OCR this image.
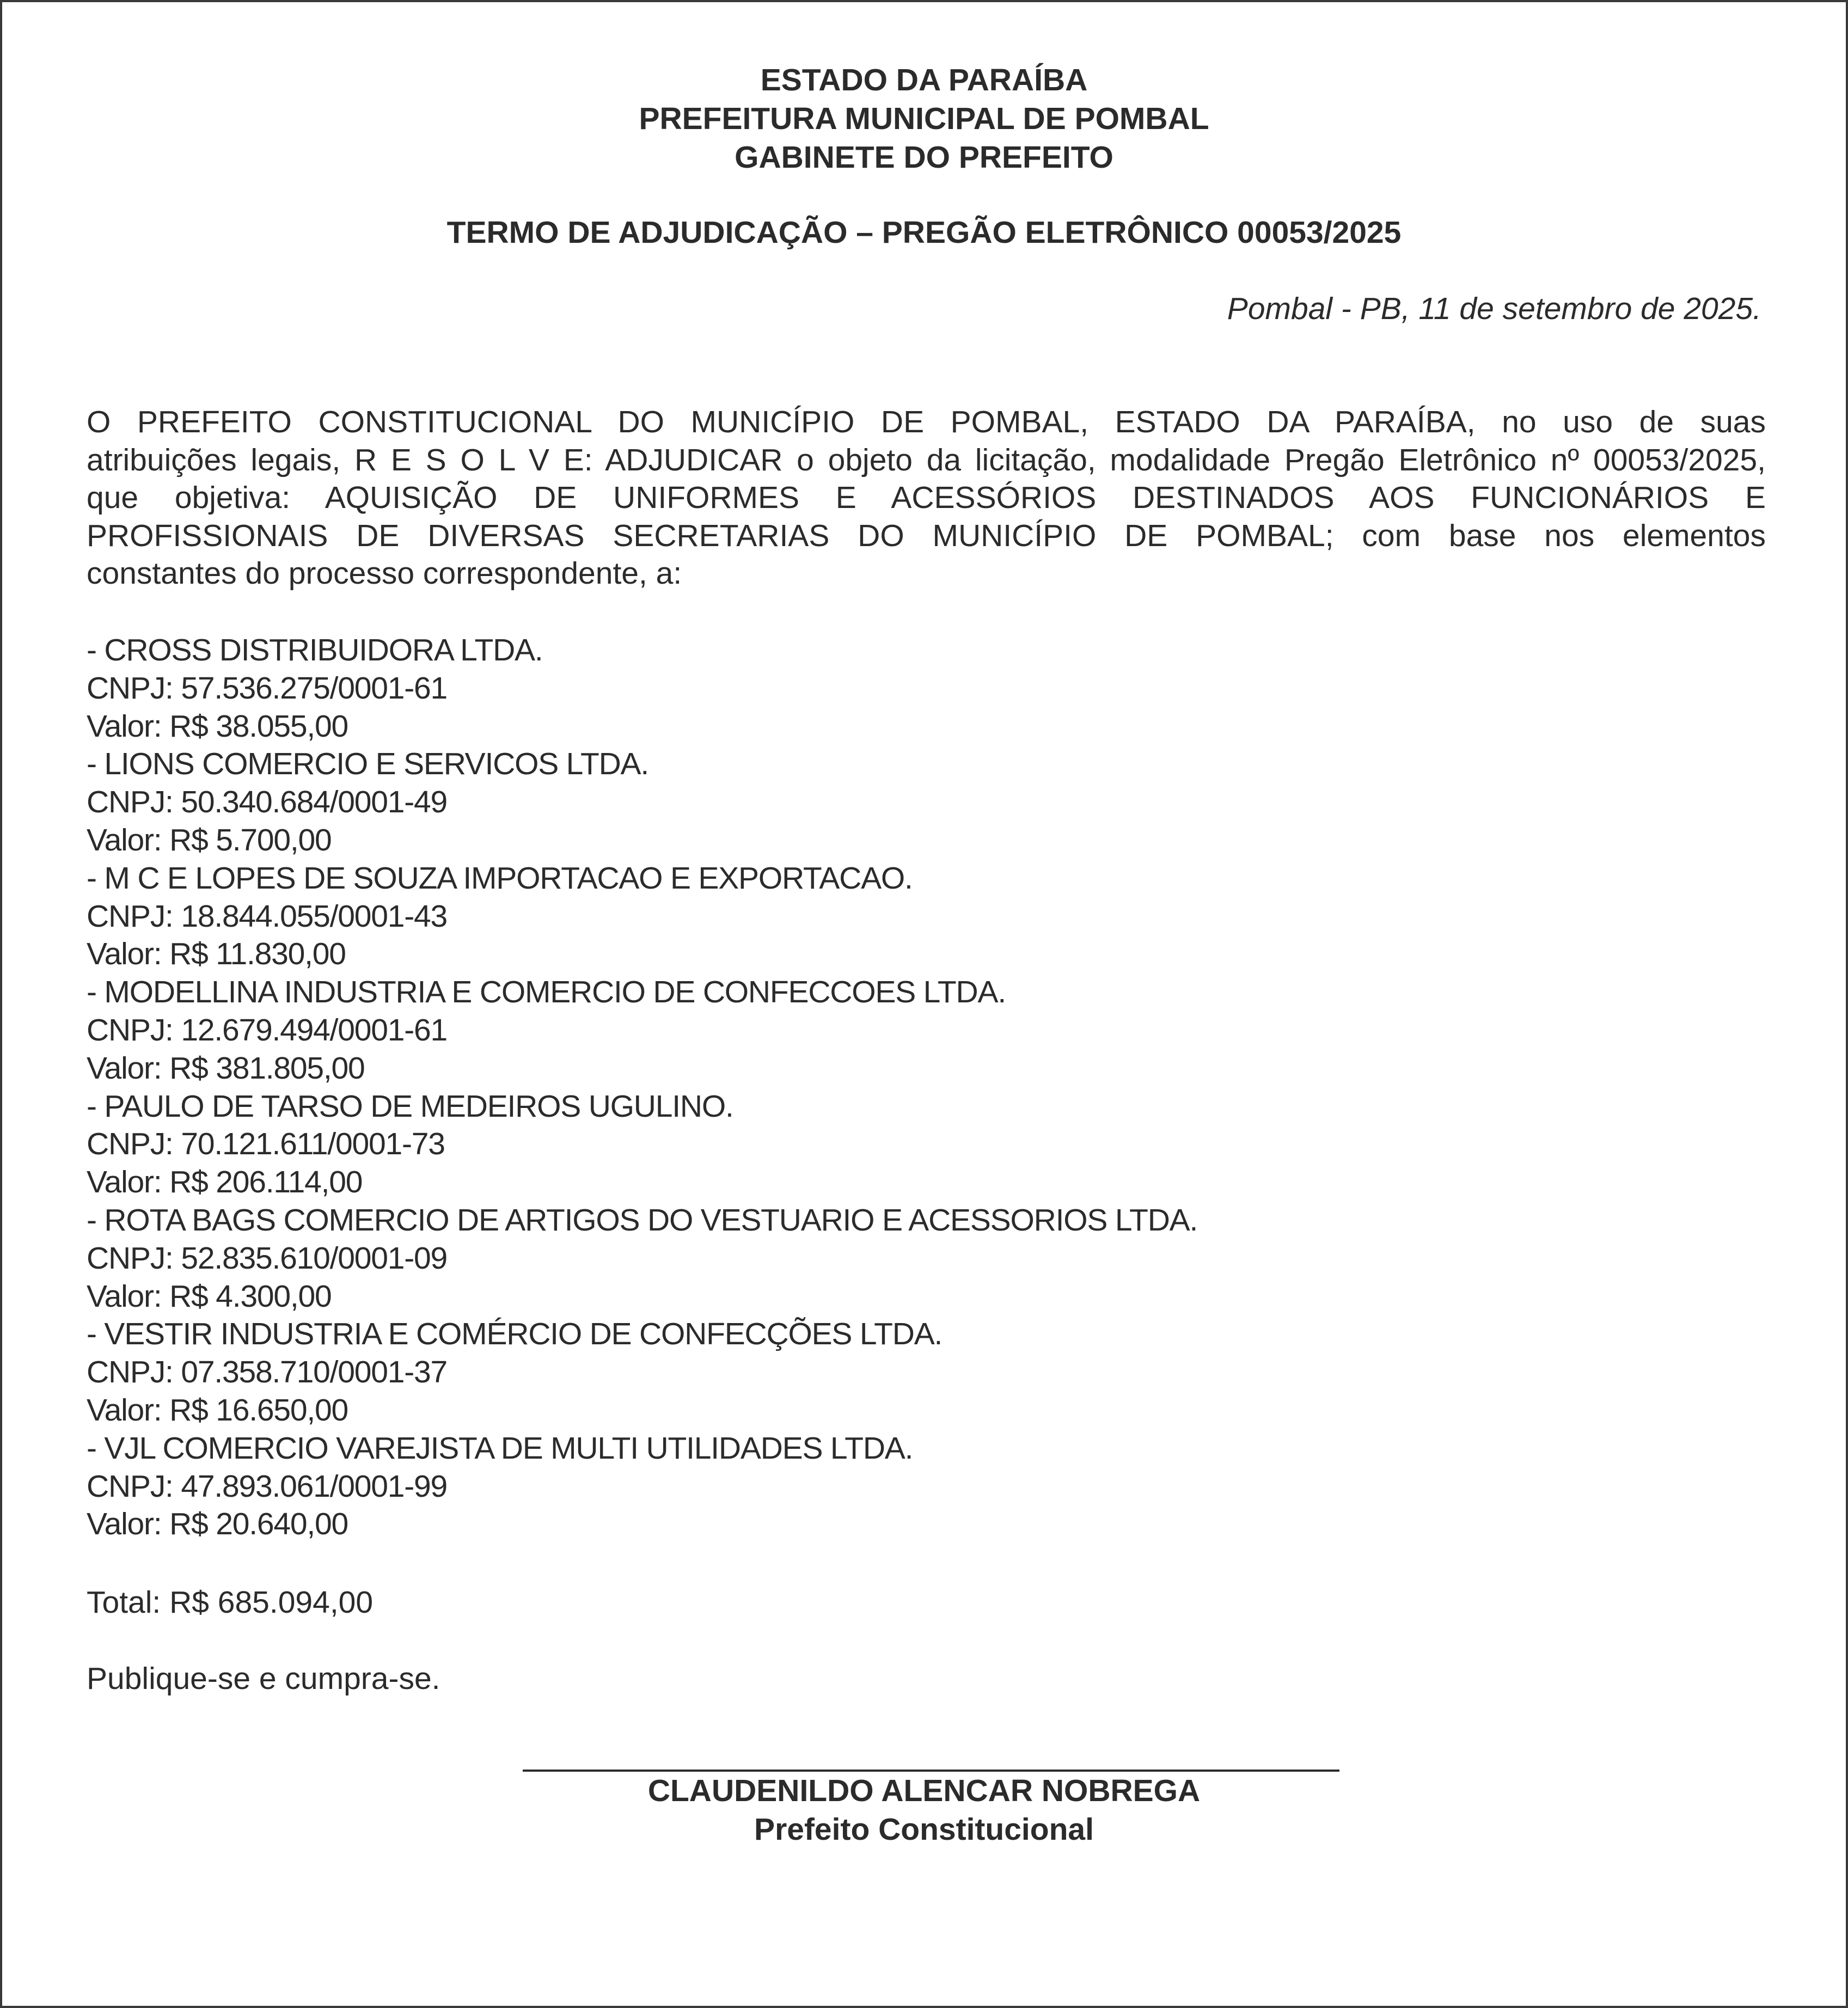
ESTADO DA PARAÍBA
PREFEITURA MUNICIPAL DE POMBAL
GABINETE DO PREFEITO
TERMO DE ADJUDICAÇÃO – PREGÃO ELETRÔNICO 00053/2025
Pombal - PB, 11 de setembro de 2025.
O PREFEITO CONSTITUCIONAL DO MUNICÍPIO DE POMBAL, ESTADO DA PARAÍBA, no uso de suas
atribuições legais, R E S O L V E: ADJUDICAR o objeto da licitação, modalidade Pregão Eletrônico nº 00053/2025,
que objetiva: AQUISIÇÃO DE UNIFORMES E ACESSÓRIOS DESTINADOS AOS FUNCIONÁRIOS E
PROFISSIONAIS DE DIVERSAS SECRETARIAS DO MUNICÍPIO DE POMBAL; com base nos elementos
constantes do processo correspondente, a:
- CROSS DISTRIBUIDORA LTDA.
CNPJ: 57.536.275/0001-61
Valor: R$ 38.055,00
- LIONS COMERCIO E SERVICOS LTDA.
CNPJ: 50.340.684/0001-49
Valor: R$ 5.700,00
- M C E LOPES DE SOUZA IMPORTACAO E EXPORTACAO.
CNPJ: 18.844.055/0001-43
Valor: R$ 11.830,00
- MODELLINA INDUSTRIA E COMERCIO DE CONFECCOES LTDA.
CNPJ: 12.679.494/0001-61
Valor: R$ 381.805,00
- PAULO DE TARSO DE MEDEIROS UGULINO.
CNPJ: 70.121.611/0001-73
Valor: R$ 206.114,00
- ROTA BAGS COMERCIO DE ARTIGOS DO VESTUARIO E ACESSORIOS LTDA.
CNPJ: 52.835.610/0001-09
Valor: R$ 4.300,00
- VESTIR INDUSTRIA E COMÉRCIO DE CONFECÇÕES LTDA.
CNPJ: 07.358.710/0001-37
Valor: R$ 16.650,00
- VJL COMERCIO VAREJISTA DE MULTI UTILIDADES LTDA.
CNPJ: 47.893.061/0001-99
Valor: R$ 20.640,00
Total: R$ 685.094,00
Publique-se e cumpra-se.
CLAUDENILDO ALENCAR NOBREGA
Prefeito Constitucional
